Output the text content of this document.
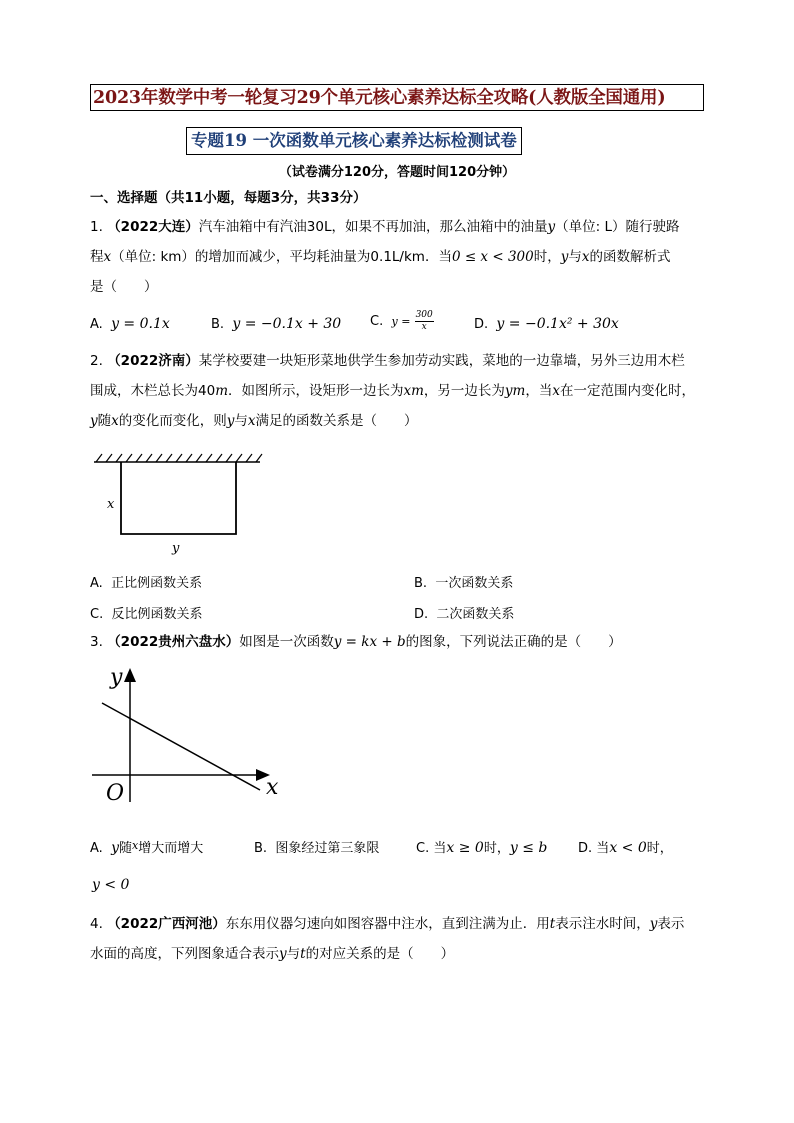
2023年数学中考一轮复习29个单元核心素养达标全攻略(人教版全国通用)
专题19 一次函数单元核心素养达标检测试卷
（试卷满分120分，答题时间120分钟）
一、选择题（共11小题，每题3分，共33分）
1. （2022大连）汽车油箱中有汽油30L，如果不再加油，那么油箱中的油量y（单位: L）随行驶路
程x（单位: km）的增加而减少，平均耗油量为0.1L/km．当0 ≤ x < 300时，y与x的函数解析式
是（　　）
A. y = 0.1x	B. y = −0.1x + 30 C. $y = \frac{300}{x}$	D. y = −0.1x² + 30x
2. （2022济南）某学校要建一块矩形菜地供学生参加劳动实践，菜地的一边靠墙，另外三边用木栏
围成，木栏总长为40m．如图所示，设矩形一边长为xm，另一边长为ym，当x在一定范围内变化时，
y随x的变化而变化，则y与x满足的函数关系是（　　）
x
y
A. 正比例函数关系	B. 一次函数关系
C. 反比例函数关系	D. 二次函数关系
3. （2022贵州六盘水）如图是一次函数y = kx + b的图象，下列说法正确的是（　　）
y
x
O
A. y随$^x$增大而增大	B. 图象经过第三象限	C. 当x ≥ 0时，y ≤ b D. 当x < 0时，
y < 0
4. （2022广西河池）东东用仪器匀速向如图容器中注水，直到注满为止．用t表示注水时间，y表示
水面的高度，下列图象适合表示y与t的对应关系的是（　　）
